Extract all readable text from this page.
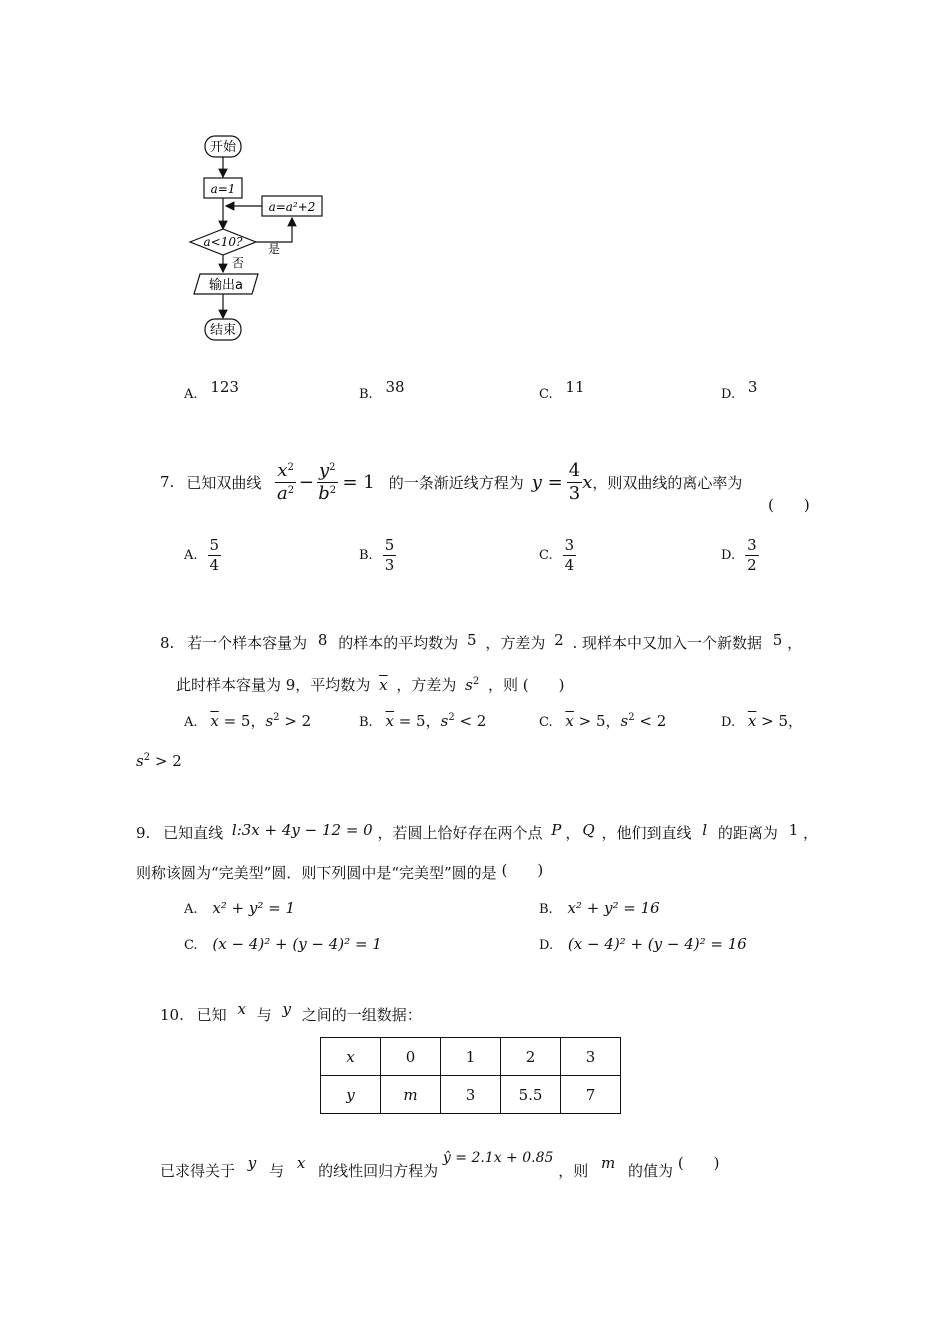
开始
a=1
a=a²+2
a<10? 是
否
输出a
结束
A. 123	B. 38	C. 11	D. 3
7. 已知双曲线 $\frac{x^2}{a^2} - \frac{y^2}{b^2} = 1$ 的一条渐近线方程为 $y = \frac{4}{3}$ x ，则双曲线的离心率为
(　　)
A. $\frac{5}{4}$	B. $\frac{5}{3}$	C. $\frac{3}{4}$	D. $\frac{3}{2}$
8. 若一个样本容量为 8 的样本的平均数为 5 ，方差为 2 . 现样本中又加入一个新数据 5 ，
此时样本容量为 9，平均数为 $\overline{x}$ ，方差为 $s^2$ ，则 (　　)
A. $\overline{x} = 5$，$s^2 > 2$	B. $\overline{x} = 5$，$s^2 < 2$	C. $\overline{x} > 5$，$s^2 < 2$	D. $\overline{x} > 5$，
$s^2 > 2$
9. 已知直线 l:3x + 4y − 12 = 0 ，若圆上恰好存在两个点 P ， Q ，他们到直线 l 的距离为 1 ，
则称该圆为“完美型”圆．则下列圆中是“完美型”圆的是 (　　)
A. x² + y² = 1	B. x² + y² = 16
C. (x − 4)² + (y − 4)² = 1	D. (x − 4)² + (y − 4)² = 16
10. 已知 x 与 y 之间的一组数据：
x	0	1	2	3
y	m	3	5.5	7
已求得关于 y 与 x 的线性回归方程为 ŷ = 2.1x + 0.85 ，则 m 的值为 (　　)
